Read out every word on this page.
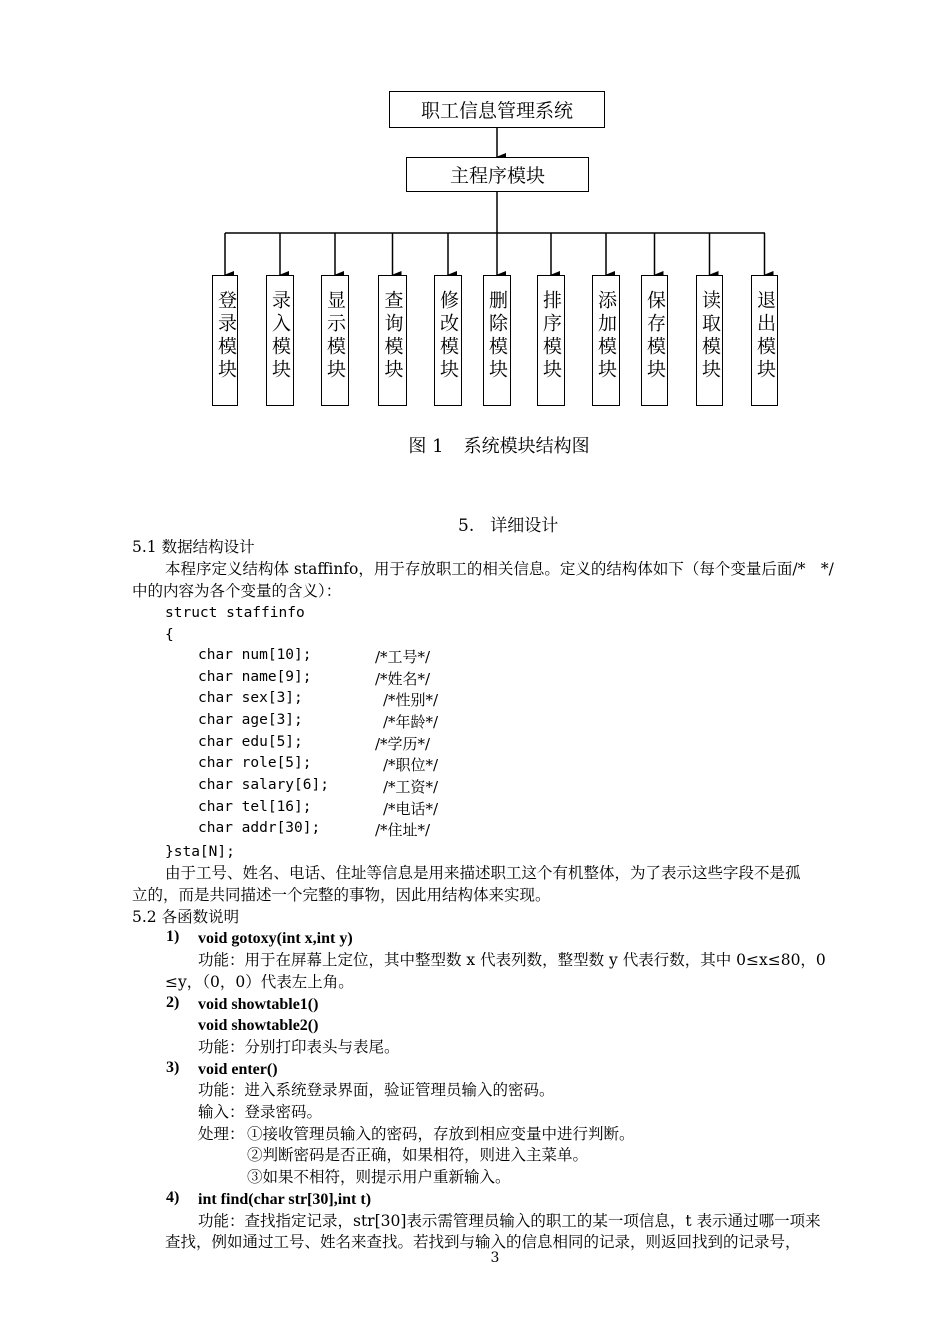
职工信息管理系统
主程序模块
登录模块 录入模块 显示模块 查询模块 修改模块 删除模块 排序模块 添加模块 保存模块 读取模块 退出模块
图 1 系统模块结构图
5. 详细设计
5.1 数据结构设计
本程序定义结构体 staffinfo，用于存放职工的相关信息。定义的结构体如下（每个变量后面/*　*/
中的内容为各个变量的含义）：
struct staffinfo
{
char num[10];	/*工号*/
char name[9];	/*姓名*/
char sex[3];	/*性别*/
char age[3];	/*年龄*/
char edu[5];	/*学历*/
char role[5];	/*职位*/
char salary[6];	/*工资*/
char tel[16];	/*电话*/
char addr[30];	/*住址*/
}sta[N];
由于工号、姓名、电话、住址等信息是用来描述职工这个有机整体，为了表示这些字段不是孤
立的，而是共同描述一个完整的事物，因此用结构体来实现。
5.2 各函数说明
1) void gotoxy(int x,int y)
功能：用于在屏幕上定位，其中整型数 x 代表列数，整型数 y 代表行数，其中 0≤x≤80，0
≤y，（0，0）代表左上角。
2) void showtable1()
void showtable2()
功能：分别打印表头与表尾。
3) void enter()
功能：进入系统登录界面，验证管理员输入的密码。
输入：登录密码。
处理： ①接收管理员输入的密码，存放到相应变量中进行判断。
②判断密码是否正确，如果相符，则进入主菜单。
③如果不相符，则提示用户重新输入。
4) int find(char str[30],int t)
功能：查找指定记录，str[30]表示需管理员输入的职工的某一项信息，t 表示通过哪一项来
查找，例如通过工号、姓名来查找。若找到与输入的信息相同的记录，则返回找到的记录号，
3
